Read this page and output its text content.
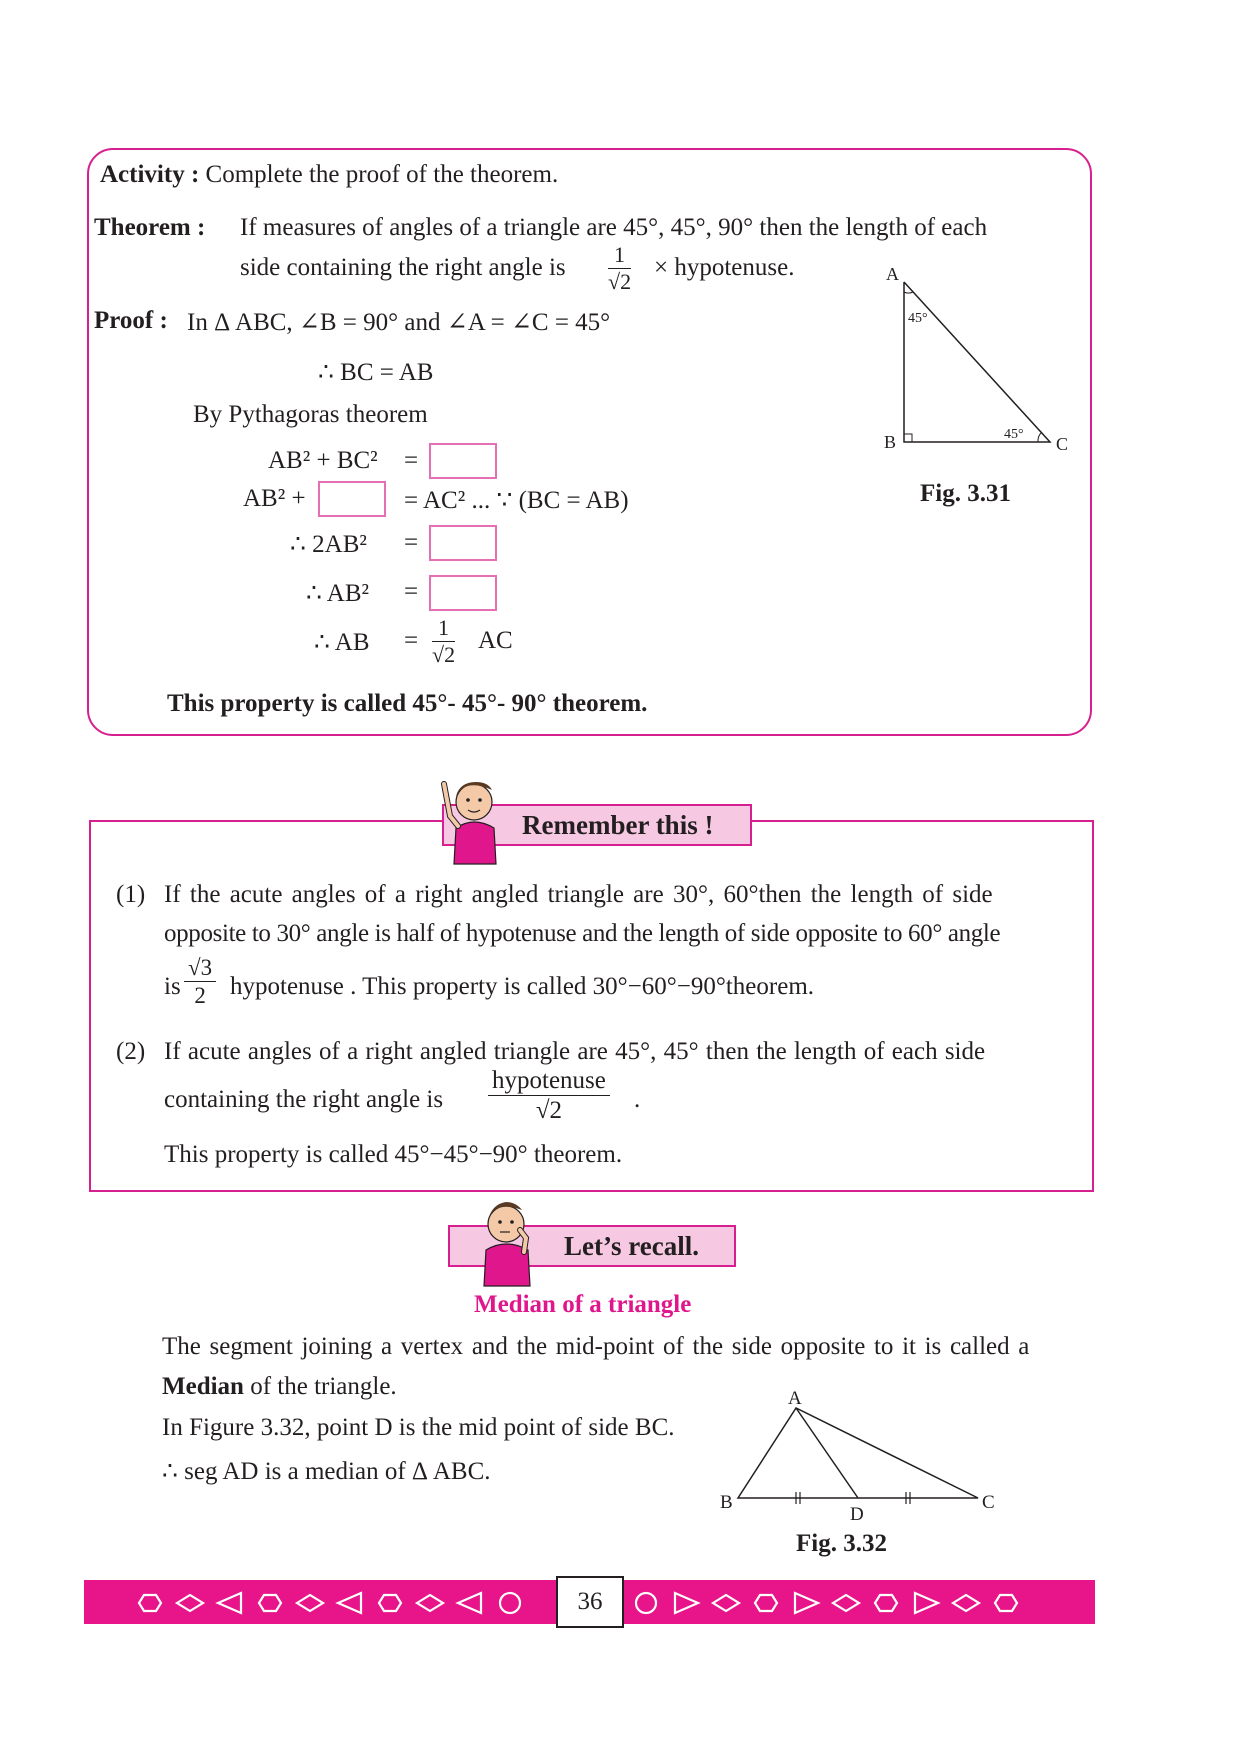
Activity : Complete the proof of the theorem.
Theorem : If measures of angles of a triangle are 45°, 45°, 90° then the length of each
side containing the right angle is $\frac{1}{√2}$ × hypotenuse.
Proof : In Δ ABC, ∠B = 90° and ∠A = ∠C = 45°
∴ BC = AB
By Pythagoras theorem
AB² + BC² =
AB² +	= AC² ... ∵ (BC = AB)
∴ 2AB² =
∴ AB² =
∴ AB = $\frac{1}{√2}$ AC
This property is called 45°- 45°- 90° theorem.
A
B	C
45°
45°
Fig. 3.31
Remember this !
(1) If the acute angles of a right angled triangle are 30°, 60°then the length of side
opposite to 30° angle is half of hypotenuse and the length of side opposite to 60° angle
is $\frac{√3}{2}$ hypotenuse . This property is called 30°−60°−90°theorem.
(2) If acute angles of a right angled triangle are 45°, 45° then the length of each side
containing the right angle is
hypotenuse
√2	.
This property is called 45°−45°−90° theorem.
Let’s recall.
Median of a triangle
The segment joining a vertex and the mid-point of the side opposite to it is called a
Median of the triangle.
In Figure 3.32, point D is the mid point of side BC.
∴ seg AD is a median of Δ ABC.
A
B	C
D
Fig. 3.32
36
